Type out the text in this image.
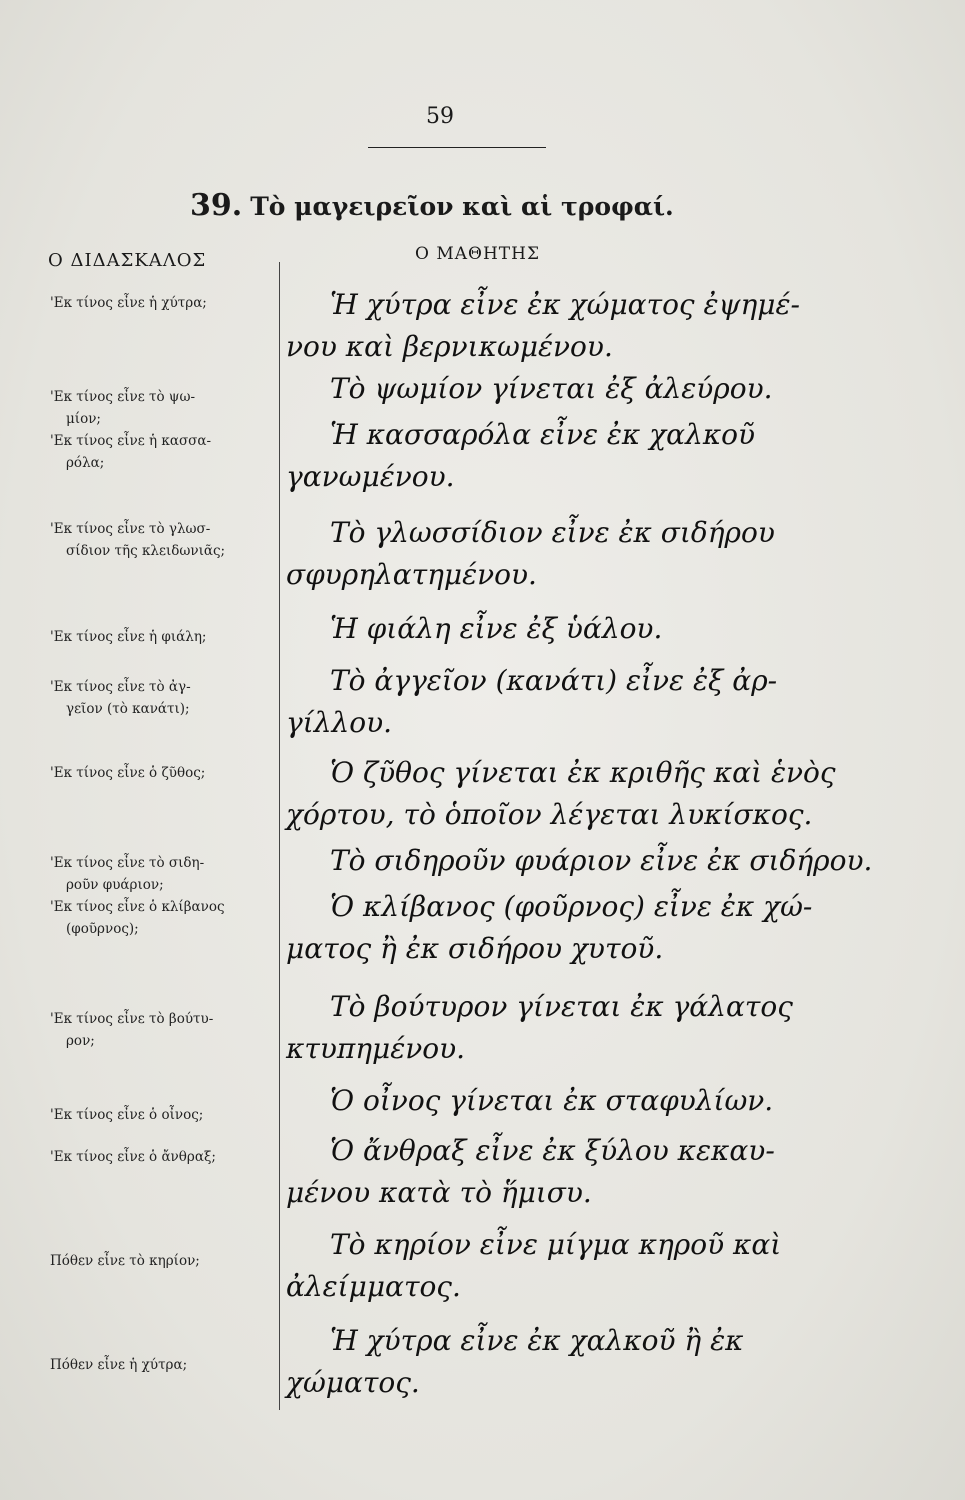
59
39. Τὸ μαγειρεῖον καὶ αἱ τροφαί.
Ο ΔΙΔΑΣΚΑΛΟΣ	Ο ΜΑΘΗΤΗΣ
'Εκ τίνος εἶνε ἡ χύτρα;
'Εκ τίνος εἶνε τὸ ψω-
μίον;
'Εκ τίνος εἶνε ἡ κασσα-
ρόλα;
'Εκ τίνος εἶνε τὸ γλωσ-
σίδιον τῆς κλειδωνιᾶς;
'Εκ τίνος εἶνε ἡ φιάλη;
'Εκ τίνος εἶνε τὸ ἀγ-
γεῖον (τὸ κανάτι);
'Εκ τίνος εἶνε ὁ ζῦθος;
'Εκ τίνος εἶνε τὸ σιδη-
ροῦν φυάριον;
'Εκ τίνος εἶνε ὁ κλίβανος
(φοῦρνος);
'Εκ τίνος εἶνε τὸ βούτυ-
ρον;
'Εκ τίνος εἶνε ὁ οἶνος;
'Εκ τίνος εἶνε ὁ ἄνθραξ;
Πόθεν εἶνε τὸ κηρίον;
Πόθεν εἶνε ἡ χύτρα;
Ἡ χύτρα εἶνε ἐκ χώματος ἐψημέ-
νου καὶ βερνικωμένου.
Τὸ ψωμίον γίνεται ἐξ ἀλεύρου.
Ἡ κασσαρόλα εἶνε ἐκ χαλκοῦ
γανωμένου.
Τὸ γλωσσίδιον εἶνε ἐκ σιδήρου
σφυρηλατημένου.
Ἡ φιάλη εἶνε ἐξ ὑάλου.
Τὸ ἀγγεῖον (κανάτι) εἶνε ἐξ ἀρ-
γίλλου.
Ὁ ζῦθος γίνεται ἐκ κριθῆς καὶ ἑνὸς
χόρτου, τὸ ὁποῖον λέγεται λυκίσκος.
Τὸ σιδηροῦν φυάριον εἶνε ἐκ σιδήρου.
Ὁ κλίβανος (φοῦρνος) εἶνε ἐκ χώ-
ματος ἢ ἐκ σιδήρου χυτοῦ.
Τὸ βούτυρον γίνεται ἐκ γάλατος
κτυπημένου.
Ὁ οἶνος γίνεται ἐκ σταφυλίων.
Ὁ ἄνθραξ εἶνε ἐκ ξύλου κεκαυ-
μένου κατὰ τὸ ἥμισυ.
Τὸ κηρίον εἶνε μίγμα κηροῦ καὶ
ἀλείμματος.
Ἡ χύτρα εἶνε ἐκ χαλκοῦ ἢ ἐκ
χώματος.
